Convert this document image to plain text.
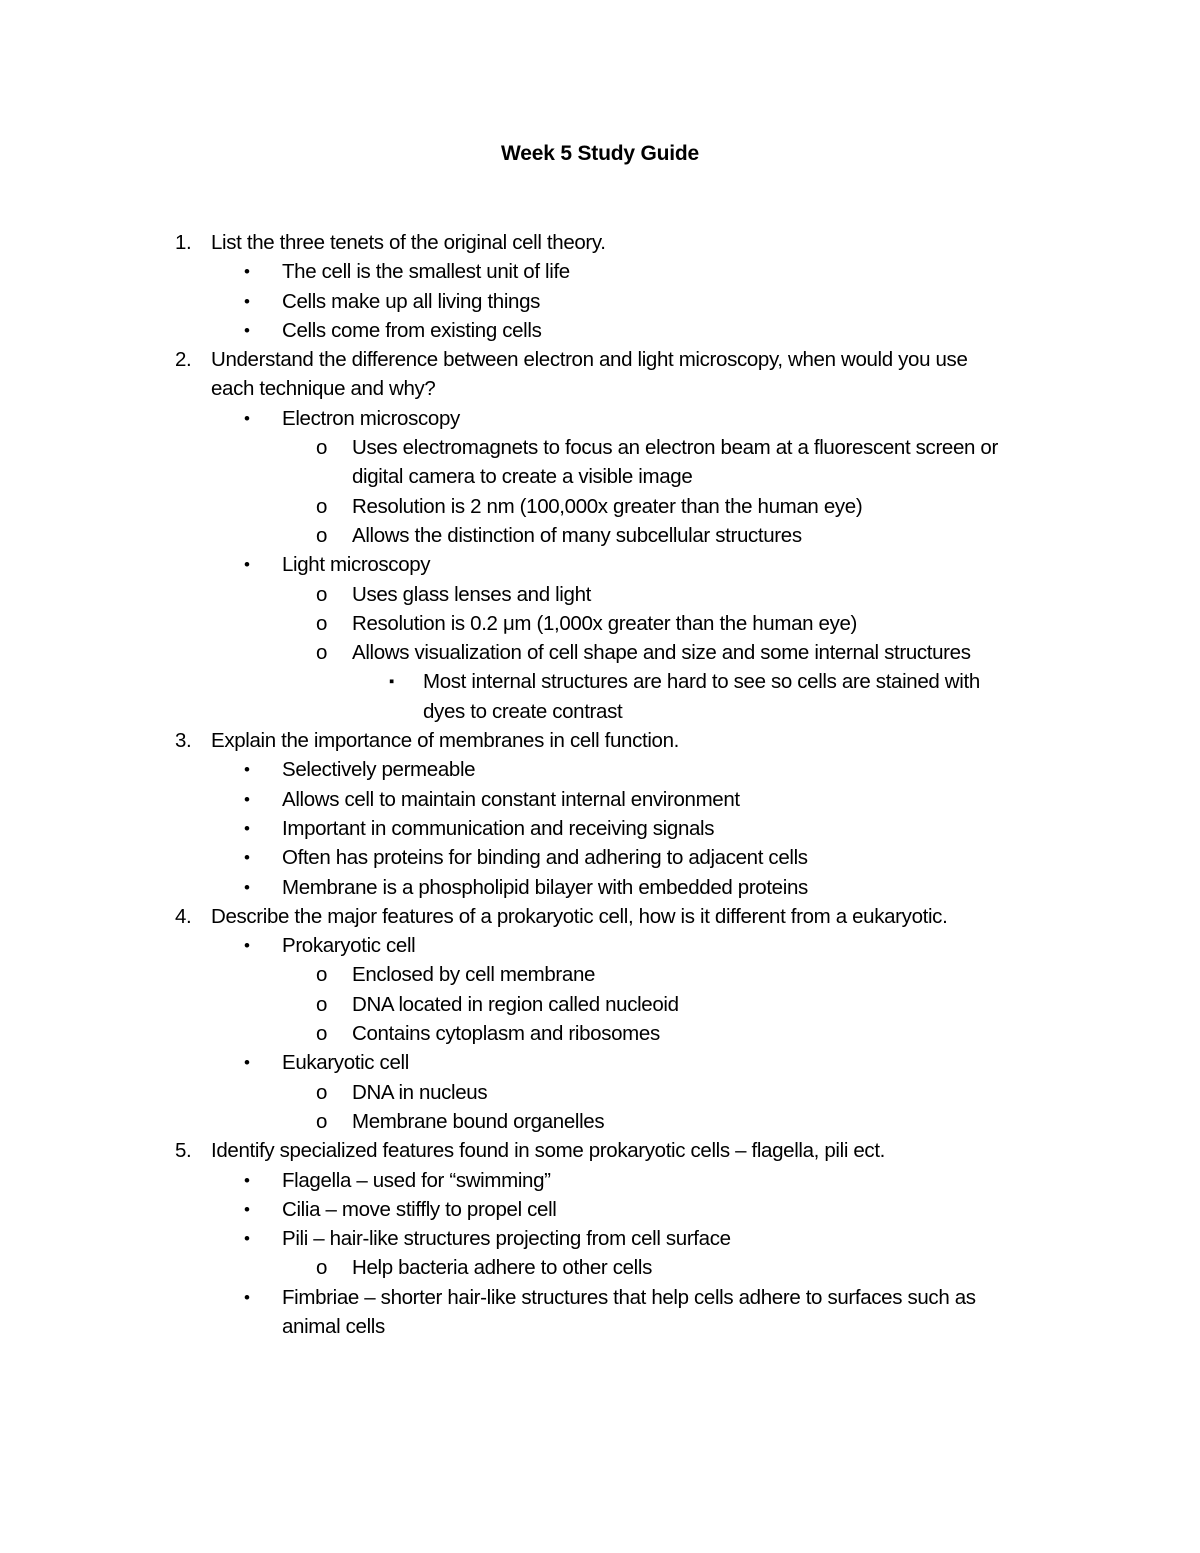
Week 5 Study Guide
1. List the three tenets of the original cell theory.
• The cell is the smallest unit of life
• Cells make up all living things
• Cells come from existing cells
2. Understand the difference between electron and light microscopy, when would you use
each technique and why?
• Electron microscopy
o Uses electromagnets to focus an electron beam at a fluorescent screen or
digital camera to create a visible image
o Resolution is 2 nm (100,000x greater than the human eye)
o Allows the distinction of many subcellular structures
• Light microscopy
o Uses glass lenses and light
o Resolution is 0.2 μm (1,000x greater than the human eye)
o Allows visualization of cell shape and size and some internal structures
▪ Most internal structures are hard to see so cells are stained with
dyes to create contrast
3. Explain the importance of membranes in cell function.
• Selectively permeable
• Allows cell to maintain constant internal environment
• Important in communication and receiving signals
• Often has proteins for binding and adhering to adjacent cells
• Membrane is a phospholipid bilayer with embedded proteins
4. Describe the major features of a prokaryotic cell, how is it different from a eukaryotic.
• Prokaryotic cell
o Enclosed by cell membrane
o DNA located in region called nucleoid
o Contains cytoplasm and ribosomes
• Eukaryotic cell
o DNA in nucleus
o Membrane bound organelles
5. Identify specialized features found in some prokaryotic cells – flagella, pili ect.
• Flagella – used for “swimming”
• Cilia – move stiffly to propel cell
• Pili – hair-like structures projecting from cell surface
o Help bacteria adhere to other cells
• Fimbriae – shorter hair-like structures that help cells adhere to surfaces such as
animal cells
